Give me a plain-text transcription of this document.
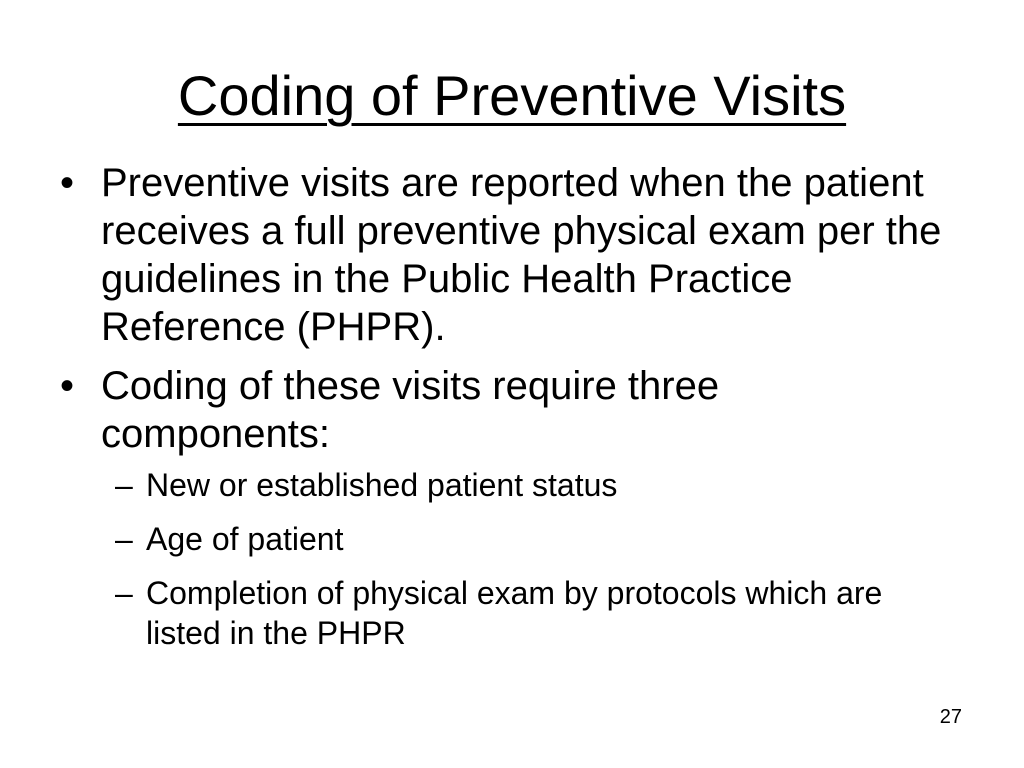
Coding of Preventive Visits
• Preventive visits are reported when the patient receives a full preventive physical exam per the guidelines in the Public Health Practice Reference (PHPR).
• Coding of these visits require three components:
– New or established patient status
– Age of patient
– Completion of physical exam by protocols which are listed in the PHPR
27
